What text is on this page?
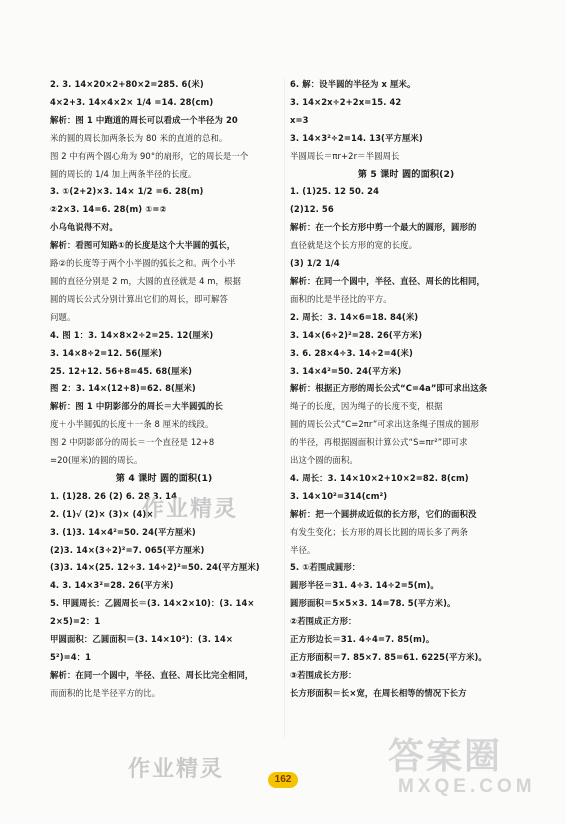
2. 3. 14×20×2+80×2=285. 6(米)
4×2+3. 14×4×2× 1/4 =14. 28(cm)
解析：图 1 中跑道的周长可以看成一个半径为 20
米的圆的周长加两条长为 80 米的直道的总和。
图 2 中有两个圆心角为 90°的扇形，它的周长是一个
圆的周长的 1/4 加上两条半径的长度。
3. ①(2+2)×3. 14× 1/2 =6. 28(m)
②2×3. 14=6. 28(m) ①=②
小乌龟说得不对。
解析：看图可知路①的长度是这个大半圆的弧长，
路②的长度等于两个小半圆的弧长之和。两个小半
圆的直径分别是 2 m，大圆的直径就是 4 m，根据
圆的周长公式分别计算出它们的周长，即可解答
问题。
4. 图 1：3. 14×8×2÷2=25. 12(厘米)
3. 14×8÷2=12. 56(厘米)
25. 12+12. 56+8=45. 68(厘米)
图 2：3. 14×(12+8)=62. 8(厘米)
解析：图 1 中阴影部分的周长＝大半圆弧的长
度＋小半圆弧的长度＋一条 8 厘米的线段。
图 2 中阴影部分的周长＝一个直径是 12+8
=20(厘米)的圆的周长。
第 4 课时 圆的面积(1)
1. (1)28. 26 (2) 6. 28 3. 14
2. (1)√ (2)× (3)× (4)×
3. (1)3. 14×4²=50. 24(平方厘米)
(2)3. 14×(3÷2)²=7. 065(平方厘米)
(3)3. 14×(25. 12÷3. 14÷2)²=50. 24(平方厘米)
4. 3. 14×3²=28. 26(平方米)
5. 甲圆周长：乙圆周长＝(3. 14×2×10)：(3. 14×
2×5)=2：1
甲圆面积：乙圆面积＝(3. 14×10²)：(3. 14×
5²)=4：1
解析：在同一个圆中，半径、直径、周长比完全相同，
而面积的比是半径平方的比。
6. 解：设半圆的半径为 x 厘米。
3. 14×2x÷2+2x=15. 42
x=3
3. 14×3²÷2=14. 13(平方厘米)
半圆周长＝πr+2r＝半圆周长
第 5 课时 圆的面积(2)
1. (1)25. 12 50. 24
(2)12. 56
解析：在一个长方形中剪一个最大的圆形，圆形的
直径就是这个长方形的宽的长度。
(3) 1/2 1/4
解析：在同一个圆中，半径、直径、周长的比相同，
面积的比是半径比的平方。
2. 周长：3. 14×6=18. 84(米)
3. 14×(6÷2)²=28. 26(平方米)
3. 6. 28×4÷3. 14÷2=4(米)
3. 14×4²=50. 24(平方米)
解析：根据正方形的周长公式“C=4a”即可求出这条
绳子的长度，因为绳子的长度不变，根据
圆的周长公式“C=2πr”可求出这条绳子围成的圆形
的半径，再根据圆面积计算公式“S=πr²”即可求
出这个圆的面积。
4. 周长：3. 14×10×2+10×2=82. 8(cm)
3. 14×10²=314(cm²)
解析：把一个圆拼成近似的长方形，它们的面积没
有发生变化；长方形的周长比圆的周长多了两条
半径。
5. ①若围成圆形：
圆形半径＝31. 4÷3. 14÷2=5(m)。
圆形面积＝5×5×3. 14=78. 5(平方米)。
②若围成正方形：
正方形边长＝31. 4÷4=7. 85(m)。
正方形面积＝7. 85×7. 85=61. 6225(平方米)。
③若围成长方形：
长方形面积＝长×宽，在周长相等的情况下长方
作业精灵
作业精灵	162
答案圈
MXQE.COM
